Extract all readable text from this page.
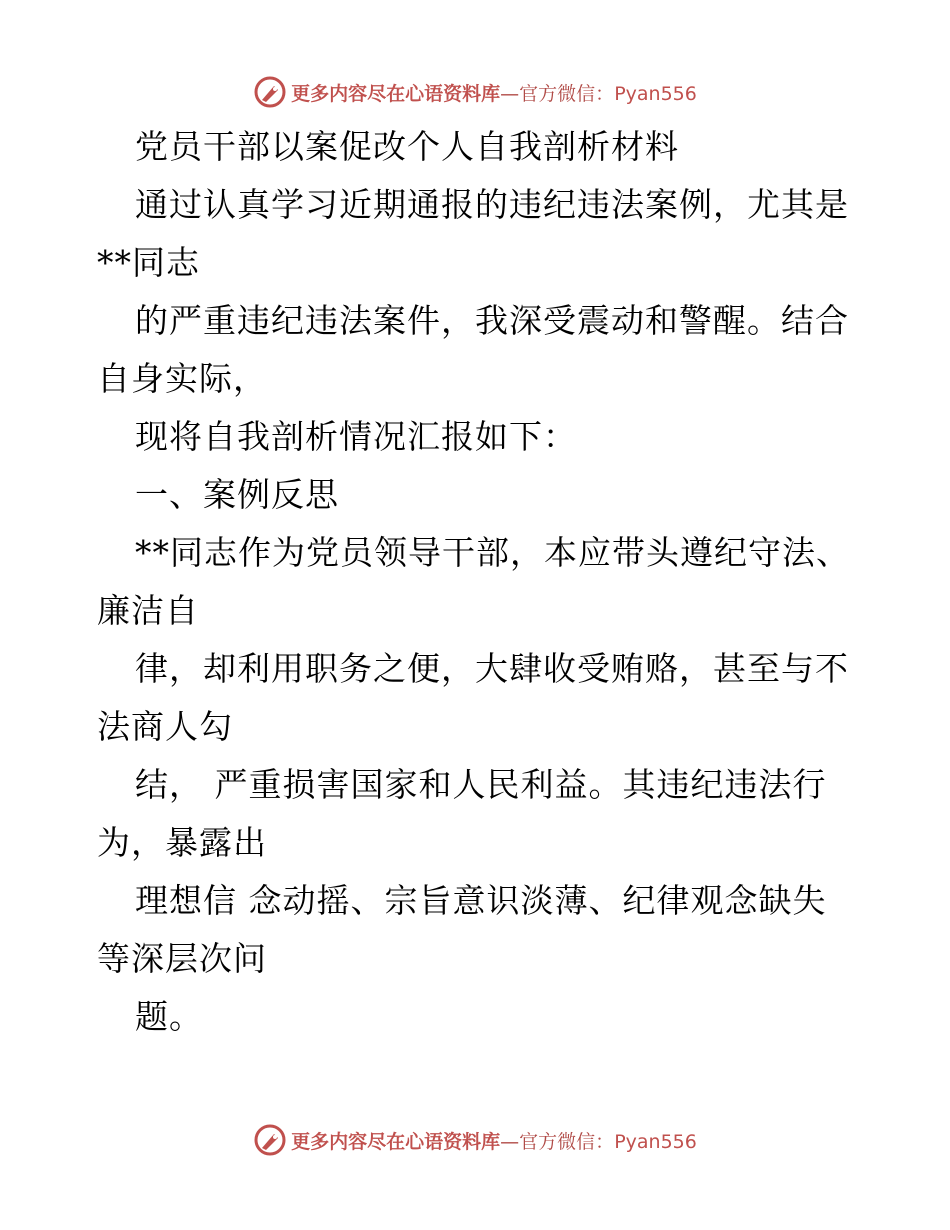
更多内容尽在心语资料库—官方微信：Pyan556
党员干部以案促改个人自我剖析材料
通过认真学习近期通报的违纪违法案例，尤其是
**同志
的严重违纪违法案件，我深受震动和警醒。结合
自身实际，
现将自我剖析情况汇报如下：
一、案例反思
**同志作为党员领导干部，本应带头遵纪守法、
廉洁自
律，却利用职务之便，大肆收受贿赂，甚至与不
法商人勾
结， 严重损害国家和人民利益。其违纪违法行
为，暴露出
理想信 念动摇、宗旨意识淡薄、纪律观念缺失
等深层次问
题。
更多内容尽在心语资料库—官方微信：Pyan556
